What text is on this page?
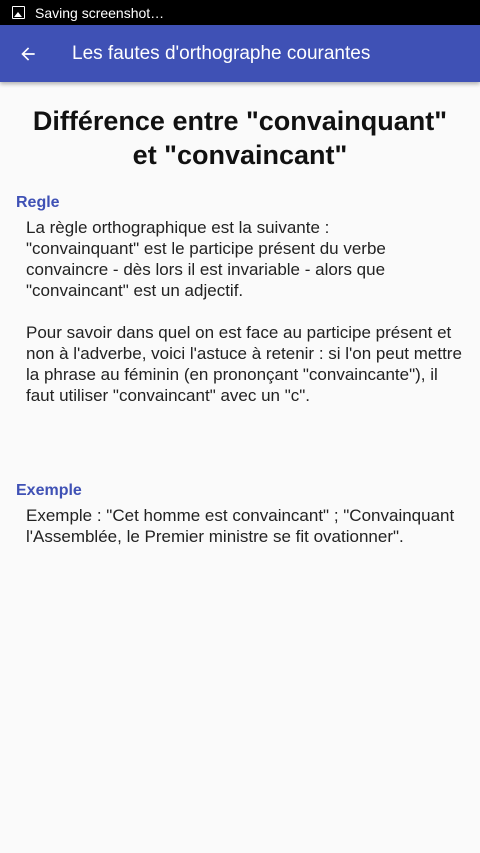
Saving screenshot…
Les fautes d'orthographe courantes
Différence entre "convainquant" et "convaincant"
Regle
La règle orthographique est la suivante :
"convainquant" est le participe présent du verbe convaincre - dès lors il est invariable - alors que "convaincant" est un adjectif.

Pour savoir dans quel on est face au participe présent et non à l'adverbe, voici l'astuce à retenir : si l'on peut mettre la phrase au féminin (en prononçant "convaincante"), il faut utiliser "convaincant" avec un "c".
Exemple
Exemple : "Cet homme est convaincant" ; "Convainquant l'Assemblée, le Premier ministre se fit ovationner".
